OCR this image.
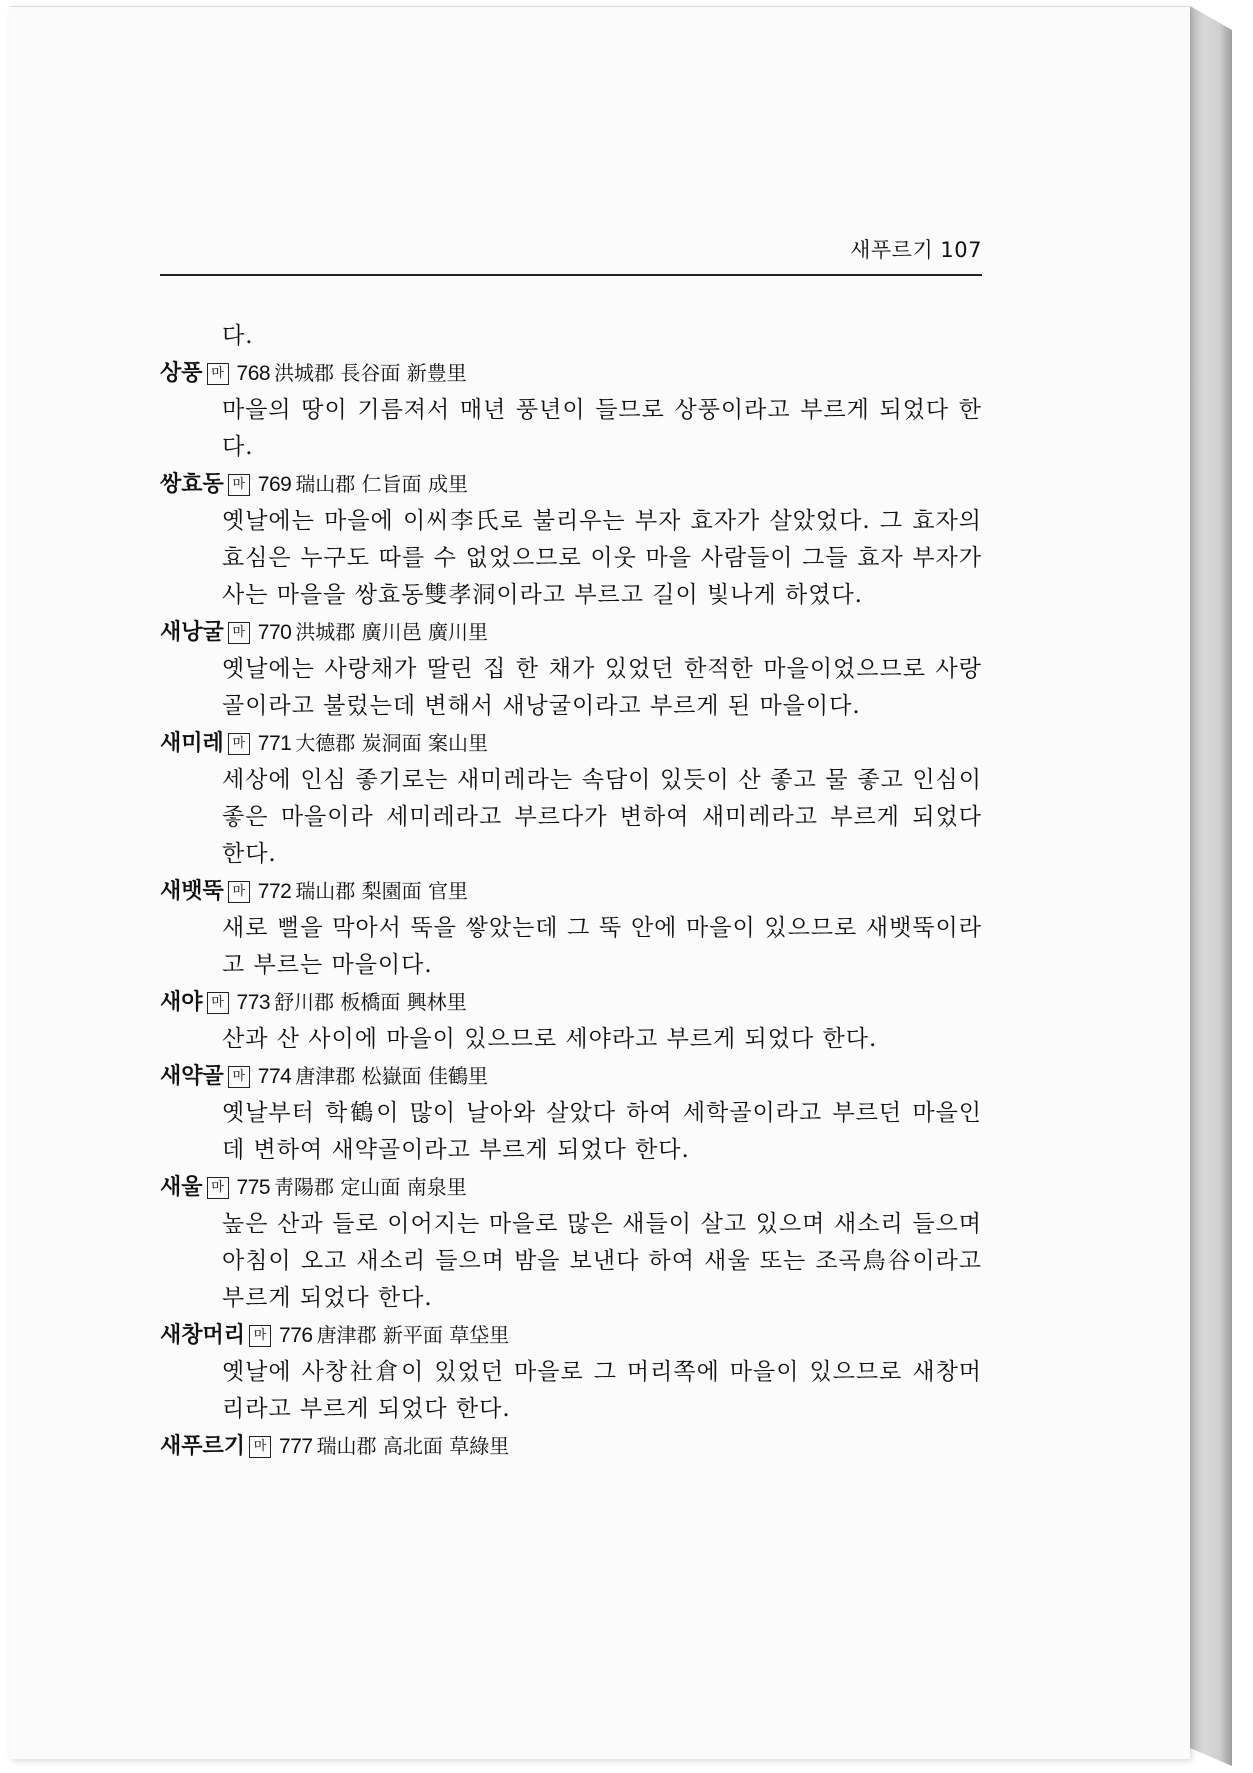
새푸르기 107
다.
상풍 마 768 洪城郡 長谷面 新豊里
마을의 땅이 기름져서 매년 풍년이 들므로 상풍이라고 부르게 되었다 한다.
쌍효동 마 769 瑞山郡 仁旨面 成里
옛날에는 마을에 이씨李氏로 불리우는 부자 효자가 살았었다. 그 효자의 효심은 누구도 따를 수 없었으므로 이웃 마을 사람들이 그들 효자 부자가 사는 마을을 쌍효동雙孝洞이라고 부르고 길이 빛나게 하였다.
새낭굴 마 770 洪城郡 廣川邑 廣川里
옛날에는 사랑채가 딸린 집 한 채가 있었던 한적한 마을이었으므로 사랑골이라고 불렀는데 변해서 새낭굴이라고 부르게 된 마을이다.
새미레 마 771 大德郡 炭洞面 案山里
세상에 인심 좋기로는 새미레라는 속담이 있듯이 산 좋고 물 좋고 인심이 좋은 마을이라 세미레라고 부르다가 변하여 새미레라고 부르게 되었다 한다.
새뱃뚝 마 772 瑞山郡 梨園面 官里
새로 뻘을 막아서 뚝을 쌓았는데 그 뚝 안에 마을이 있으므로 새뱃뚝이라고 부르는 마을이다.
새야 마 773 舒川郡 板橋面 興林里
산과 산 사이에 마을이 있으므로 세야라고 부르게 되었다 한다.
새약골 마 774 唐津郡 松嶽面 佳鶴里
옛날부터 학鶴이 많이 날아와 살았다 하여 세학골이라고 부르던 마을인데 변하여 새약골이라고 부르게 되었다 한다.
새울 마 775 靑陽郡 定山面 南泉里
높은 산과 들로 이어지는 마을로 많은 새들이 살고 있으며 새소리 들으며 아침이 오고 새소리 들으며 밤을 보낸다 하여 새울 또는 조곡鳥谷이라고 부르게 되었다 한다.
새창머리 마 776 唐津郡 新平面 草垈里
옛날에 사창社倉이 있었던 마을로 그 머리쪽에 마을이 있으므로 새창머리라고 부르게 되었다 한다.
새푸르기 마 777 瑞山郡 高北面 草綠里
